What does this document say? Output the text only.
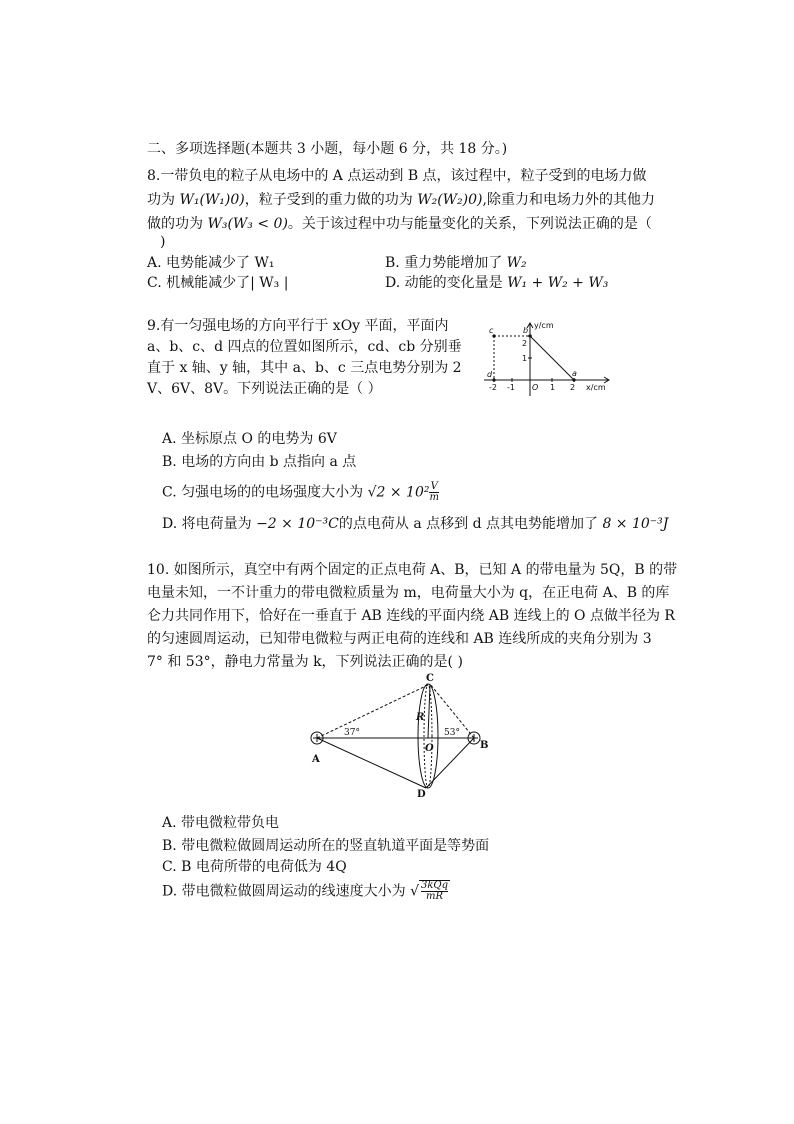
二、多项选择题(本题共 3 小题，每小题 6 分，共 18 分。)
8.一带负电的粒子从电场中的 A 点运动到 B 点，该过程中，粒子受到的电场力做
功为 W₁(W₁)0)，粒子受到的重力做的功为 W₂(W₂)0),除重力和电场力外的其他力
做的功为 W₃(W₃ < 0)。关于该过程中功与能量变化的关系，下列说法正确的是（
)
A. 电势能减少了 W₁	B. 重力势能增加了 W₂
C. 机械能减少了| W₃ |	D. 动能的变化量是 W₁ + W₂ + W₃
9.有一匀强电场的方向平行于 xOy 平面，平面内
a、b、c、d 四点的位置如图所示，cd、cb 分别垂
直于 x 轴、y 轴，其中 a、b、c 三点电势分别为 2
V、6V、8V。下列说法正确的是（ ）
y/cm
x/cm
c	b
a
d
O
-2 -1	1 2
1
2
A. 坐标原点 O 的电势为 6V
B. 电场的方向由 b 点指向 a 点
C. 匀强电场的的电场强度大小为 $√2 \times 10^2 \frac{V}{m}$
D. 将电荷量为 −2 × 10⁻³C的点电荷从 a 点移到 d 点其电势能增加了 8 × 10⁻³J
10. 如图所示，真空中有两个固定的正点电荷 A、B，已知 A 的带电量为 5Q，B 的带
电量未知，一不计重力的带电微粒质量为 m，电荷量大小为 q，在正电荷 A、B 的库
仑力共同作用下，恰好在一垂直于 AB 连线的平面内绕 AB 连线上的 O 点做半径为 R
的匀速圆周运动，已知带电微粒与两正电荷的连线和 AB 连线所成的夹角分别为 3
7° 和 53°，静电力常量为 k，下列说法正确的是( )
A
B
C
D
O
R
37°	53°
A. 带电微粒带负电
B. 带电微粒做圆周运动所在的竖直轨道平面是等势面
C. B 电荷所带的电荷低为 4Q
D. 带电微粒做圆周运动的线速度大小为 √ $\frac{\text{3kQq}}{mR}$
